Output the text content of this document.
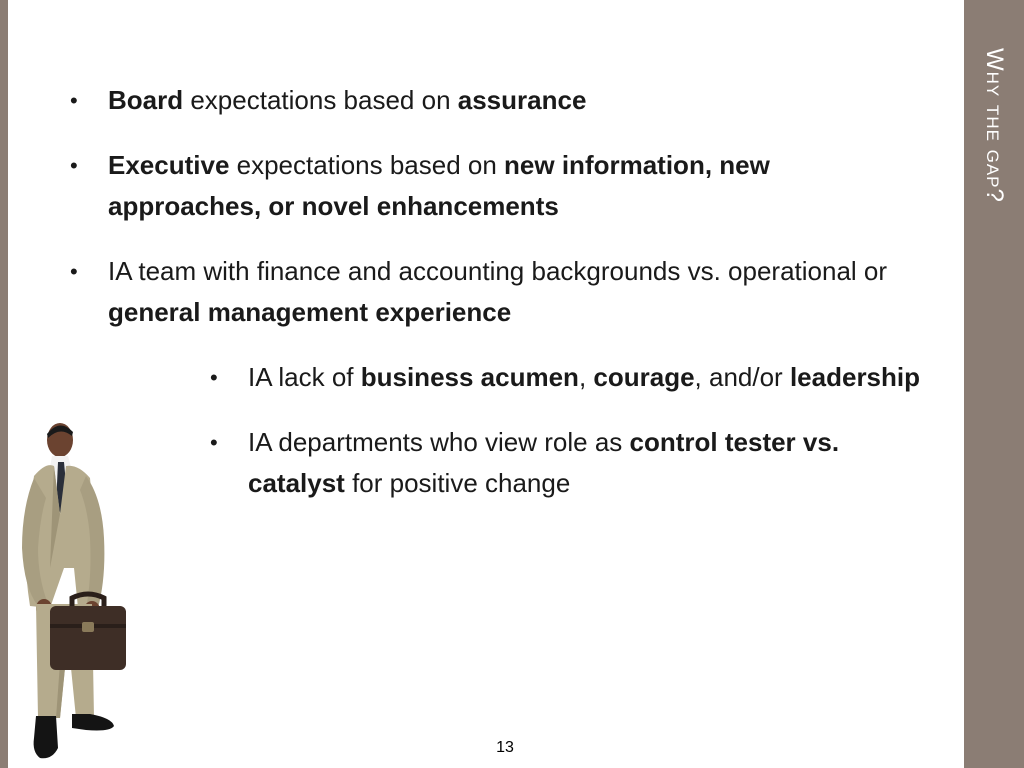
Why the gap?
• Board expectations based on assurance
• Executive expectations based on new information, new approaches, or novel enhancements
• IA team with finance and accounting backgrounds vs. operational or general management experience
• IA lack of business acumen, courage, and/or leadership
• IA departments who view role as control tester vs. catalyst for positive change
13
